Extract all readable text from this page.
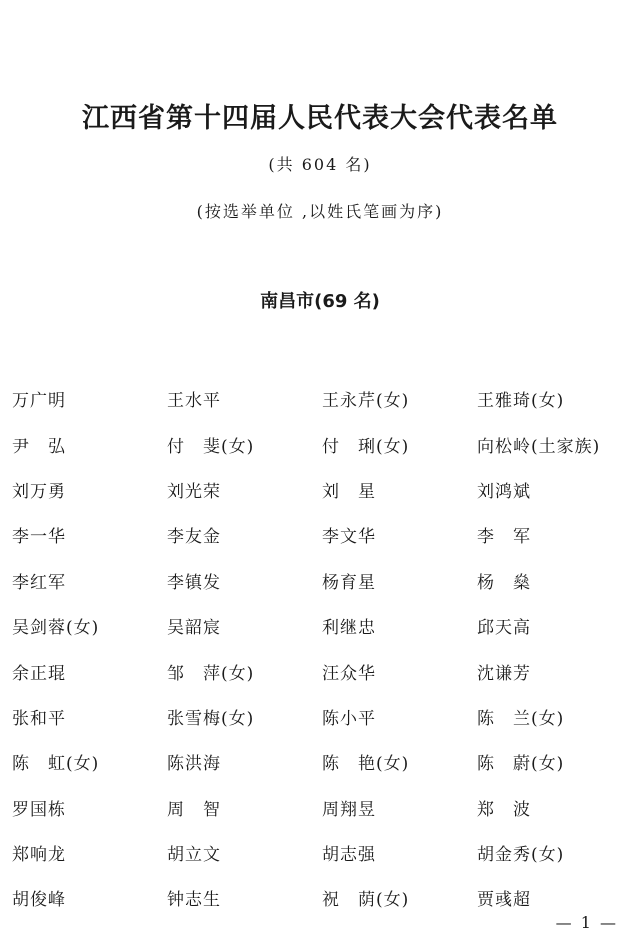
江西省第十四届人民代表大会代表名单
(共 604 名)
(按选举单位 ,以姓氏笔画为序)
南昌市(69 名)
万广明	王水平	王永芹(女)	王雅琦(女)
尹　弘	付　斐(女)	付　琍(女)	向松岭(土家族)
刘万勇	刘光荣	刘　星	刘鸿斌
李一华	李友金	李文华	李　军
李红军	李镇发	杨育星	杨　燊
吴剑蓉(女)	吴韶宸	利继忠	邱天高
余正琨	邹　萍(女)	汪众华	沈谦芳
张和平	张雪梅(女)	陈小平	陈　兰(女)
陈　虹(女)	陈洪海	陈　艳(女)	陈　蔚(女)
罗国栋	周　智	周翔昱	郑　波
郑响龙	胡立文	胡志强	胡金秀(女)
胡俊峰	钟志生	祝　荫(女)	贾彧超
— 1 —
